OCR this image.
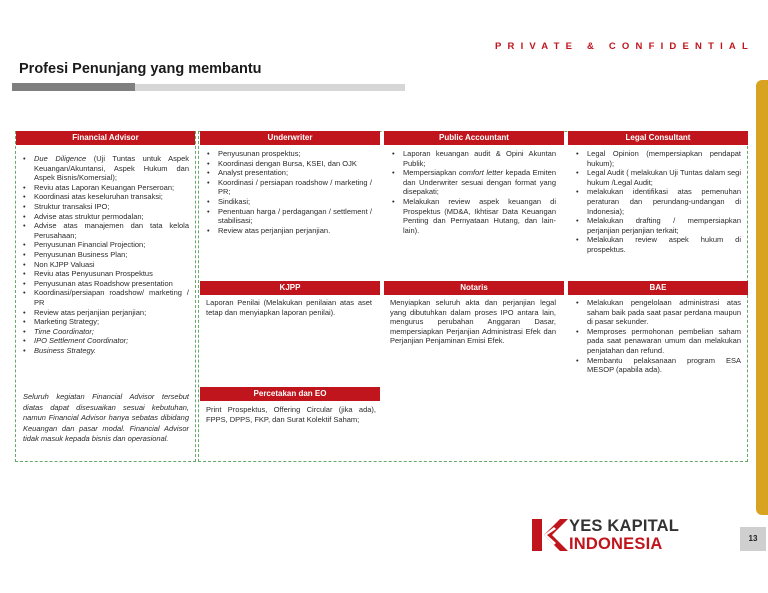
PRIVATE & CONFIDENTIAL
Profesi Penunjang yang membantu
Financial Advisor	Underwriter	Public Accountant	Legal Consultant
KJPP	Notaris	BAE
Percetakan dan EO
• Due Diligence (Uji Tuntas untuk Aspek Keuangan/Akuntansi, Aspek Hukum dan Aspek Bisnis/Komersial);
• Reviu atas Laporan Keuangan Perseroan;
• Koordinasi atas keseluruhan transaksi;
• Struktur transaksi IPO;
• Advise atas struktur permodalan;
• Advise atas manajemen dan tata kelola Perusahaan;
• Penyusunan Financial Projection;
• Penyusunan Business Plan;
• Non KJPP Valuasi
• Reviu atas Penyusunan Prospektus
• Penyusunan atas Roadshow presentation
• Koordinasi/persiapan roadshow/ marketing / PR
• Review atas perjanjian perjanjian;
• Marketing Strategy;
• Time Coordinator;
• IPO Settlement Coordinator;
• Business Strategy.
Seluruh kegiatan Financial Advisor tersebut diatas dapat disesuaikan sesuai kebutuhan, namun Financial Advisor hanya sebatas dibidang Keuangan dan pasar modal. Financial Advisor tidak masuk kepada bisnis dan operasional.
• Penyusunan prospektus;
• Koordinasi dengan Bursa, KSEI, dan OJK
• Analyst presentation;
• Koordinasi / persiapan roadshow / marketing / PR;
• Sindikasi;
• Penentuan harga / perdagangan / settlement / stabilisasi;
• Review atas perjanjian perjanjian.
• Laporan keuangan audit & Opini Akuntan Publik;
• Mempersiapkan comfort letter kepada Emiten dan Underwriter sesuai dengan format yang disepakati;
• Melakukan review aspek keuangan di Prospektus (MD&A, Ikhtisar Data Keuangan Penting dan Pernyataan Hutang, dan lain-lain).
• Legal Opinion (mempersiapkan pendapat hukum);
• Legal Audit ( melakukan Uji Tuntas dalam segi hukum /Legal Audit;
• melakukan identifikasi atas pemenuhan peraturan dan perundang-undangan di Indonesia);
• Melakukan drafting / mempersiapkan perjanjian perjanjian terkait;
• Melakukan review aspek hukum di prospektus.

Laporan Penilai (Melakukan penilaian atas aset tetap dan menyiapkan laporan penilai).

Menyiapkan seluruh akta dan perjanjian legal yang dibutuhkan dalam proses IPO antara lain, mengurus perubahan Anggaran Dasar, mempersiapkan Perjanjian Administrasi Efek dan Perjanjian Penjaminan Emisi Efek.

• Melakukan pengelolaan administrasi atas saham baik pada saat pasar perdana maupun di pasar sekunder.
• Memproses permohonan pembelian saham pada saat penawaran umum dan melakukan penjatahan dan refund.
• Membantu pelaksanaan program ESA MESOP (apabila ada).

Print Prospektus, Offering Circular (jika ada), FPPS, DPPS, FKP, dan Surat Kolektif Saham;

YES KAPITAL
INDONESIA	13
